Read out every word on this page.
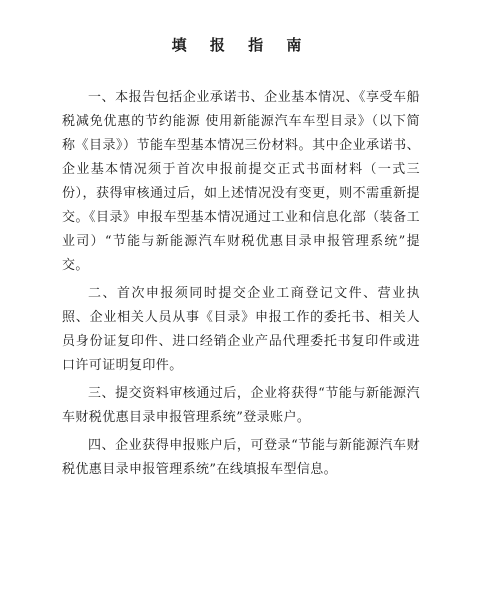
填 报 指 南

一、本报告包括企业承诺书、企业基本情况、《享受车船税减免优惠的节约能源 使用新能源汽车车型目录》（以下简称《目录》）节能车型基本情况三份材料。其中企业承诺书、企业基本情况须于首次申报前提交正式书面材料（一式三份），获得审核通过后，如上述情况没有变更，则不需重新提交。《目录》申报车型基本情况通过工业和信息化部（装备工业司）“节能与新能源汽车财税优惠目录申报管理系统”提交。

二、首次申报须同时提交企业工商登记文件、营业执照、企业相关人员从事《目录》申报工作的委托书、相关人员身份证复印件、进口经销企业产品代理委托书复印件或进口许可证明复印件。

三、提交资料审核通过后，企业将获得“节能与新能源汽车财税优惠目录申报管理系统”登录账户。

四、企业获得申报账户后，可登录“节能与新能源汽车财税优惠目录申报管理系统”在线填报车型信息。
